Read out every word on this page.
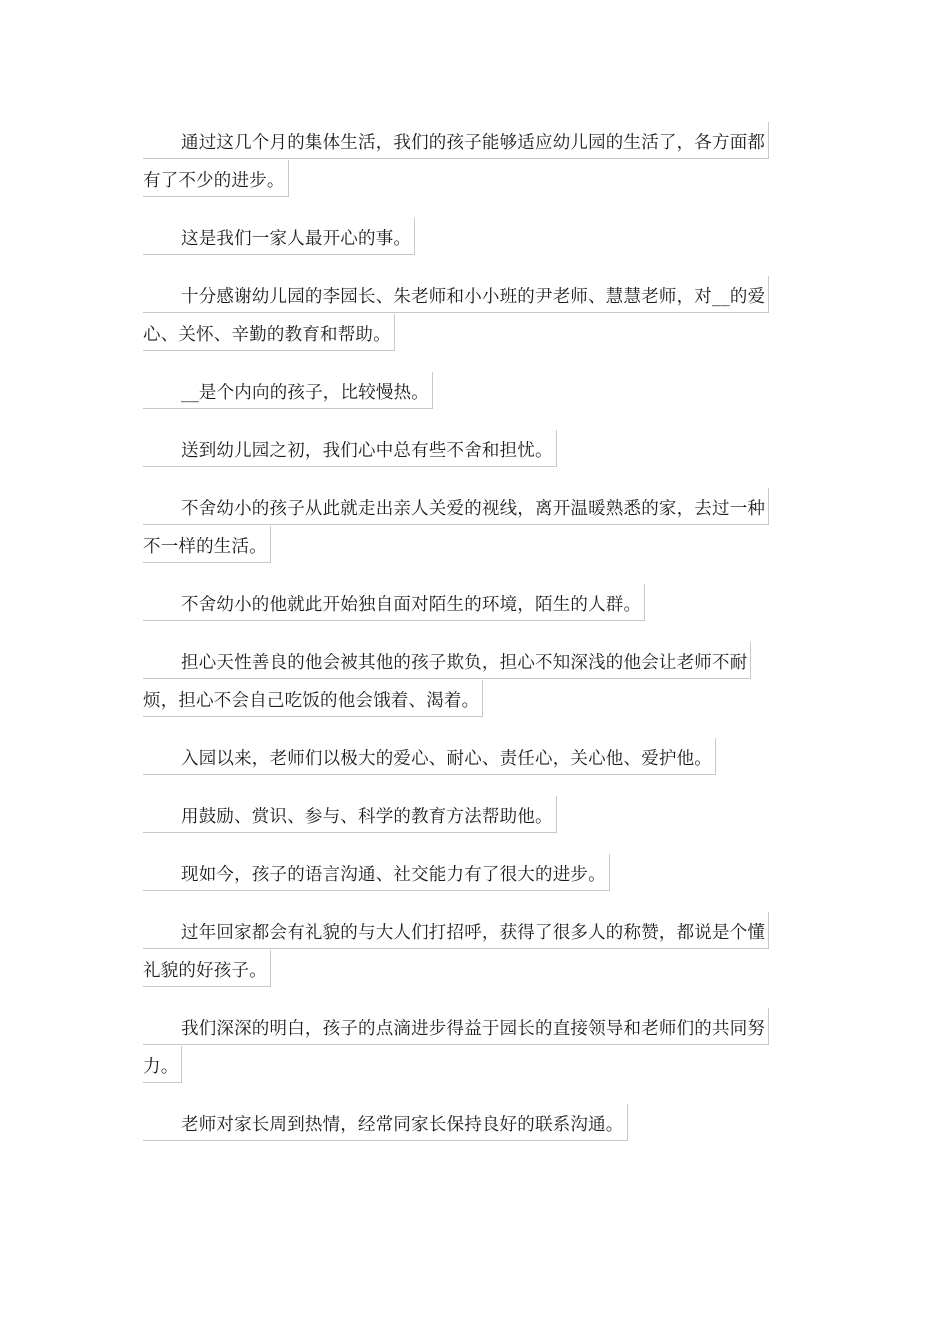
通过这几个月的集体生活，我们的孩子能够适应幼儿园的生活了，各方面都
有了不少的进步。
这是我们一家人最开心的事。
十分感谢幼儿园的李园长、朱老师和小小班的尹老师、慧慧老师，对__的爱
心、关怀、辛勤的教育和帮助。
__是个内向的孩子，比较慢热。
送到幼儿园之初，我们心中总有些不舍和担忧。
不舍幼小的孩子从此就走出亲人关爱的视线，离开温暖熟悉的家，去过一种
不一样的生活。
不舍幼小的他就此开始独自面对陌生的环境，陌生的人群。
担心天性善良的他会被其他的孩子欺负，担心不知深浅的他会让老师不耐
烦，担心不会自己吃饭的他会饿着、渴着。
入园以来，老师们以极大的爱心、耐心、责任心，关心他、爱护他。
用鼓励、赏识、参与、科学的教育方法帮助他。
现如今，孩子的语言沟通、社交能力有了很大的进步。
过年回家都会有礼貌的与大人们打招呼，获得了很多人的称赞，都说是个懂
礼貌的好孩子。
我们深深的明白，孩子的点滴进步得益于园长的直接领导和老师们的共同努
力。
老师对家长周到热情，经常同家长保持良好的联系沟通。
